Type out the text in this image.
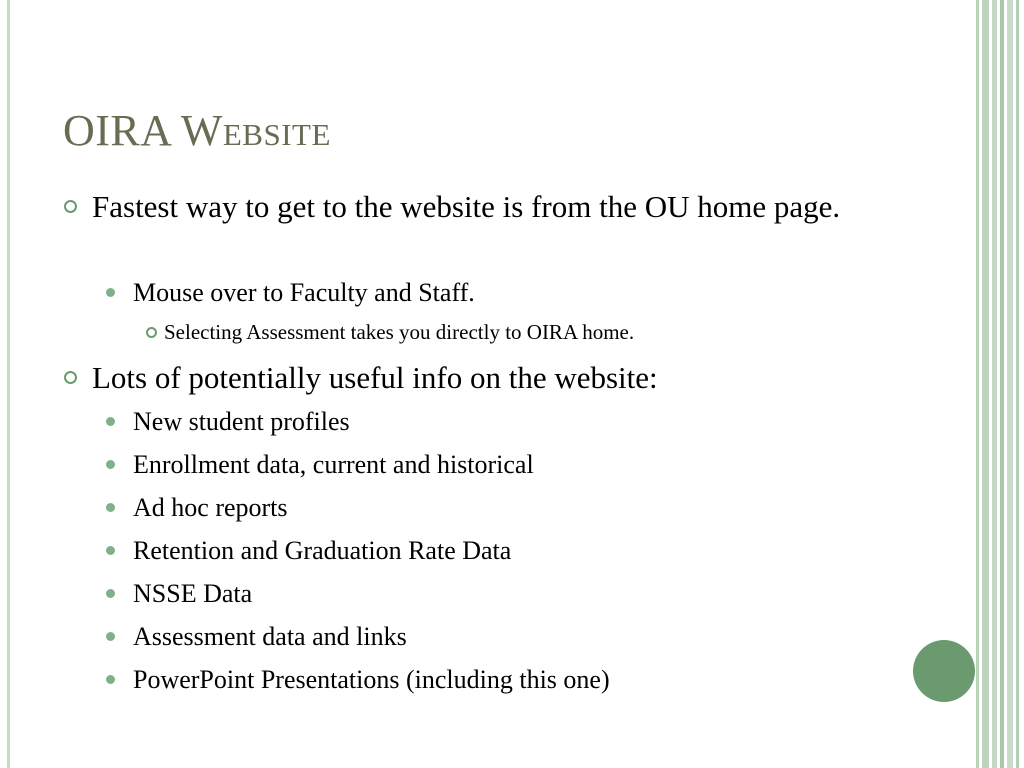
OIRA Website
Fastest way to get to the website is from the OU home page.
Mouse over to Faculty and Staff.
Selecting Assessment takes you directly to OIRA home.
Lots of potentially useful info on the website:
New student profiles
Enrollment data, current and historical
Ad hoc reports
Retention and Graduation Rate Data
NSSE Data
Assessment data and links
PowerPoint Presentations (including this one)
